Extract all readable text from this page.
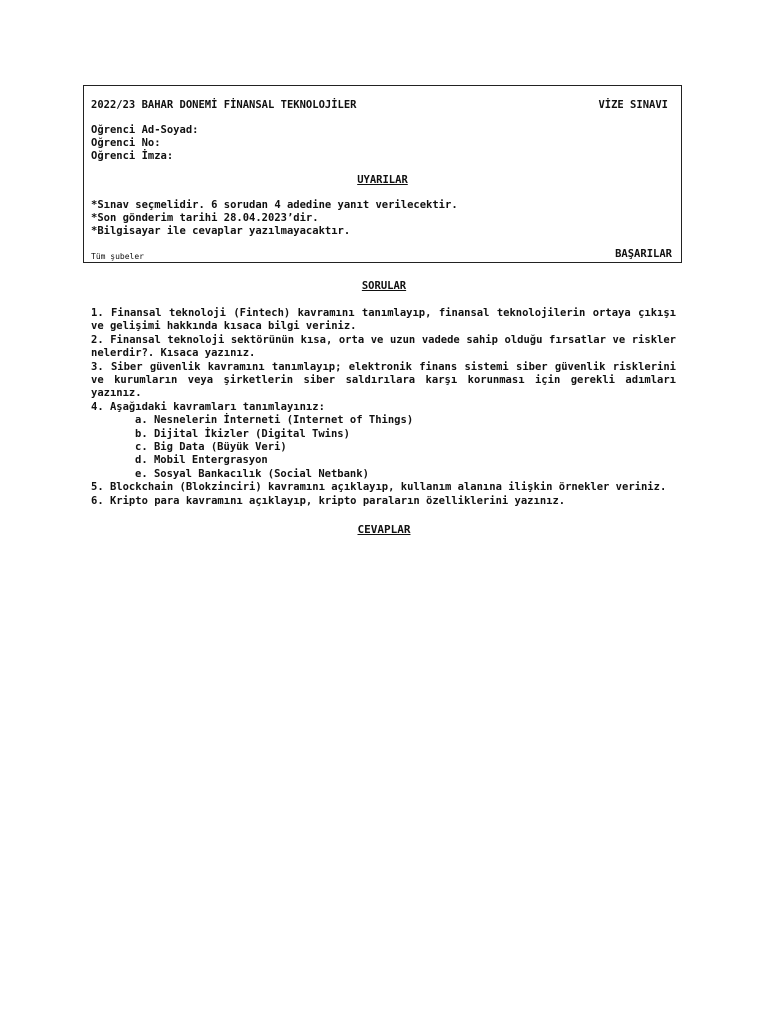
2022/23 BAHAR DONEMİ FİNANSAL TEKNOLOJİLER	VİZE SINAVI
Oğrenci Ad-Soyad:
Oğrenci No:
Oğrenci İmza:
UYARILAR
*Sınav seçmelidir. 6 sorudan 4 adedine yanıt verilecektir.
*Son gönderim tarihi 28.04.2023’dir.
*Bilgisayar ile cevaplar yazılmayacaktır.
Tüm şubeler	BAŞARILAR
SORULAR

1. Finansal teknoloji (Fintech) kavramını tanımlayıp, finansal teknolojilerin ortaya çıkışı ve gelişimi hakkında kısaca bilgi veriniz.

2. Finansal teknoloji sektörünün kısa, orta ve uzun vadede sahip olduğu fırsatlar ve riskler nelerdir?. Kısaca yazınız.

3. Siber güvenlik kavramını tanımlayıp; elektronik finans sistemi siber güvenlik risklerini ve kurumların veya şirketlerin siber saldırılara karşı korunması için gerekli adımları yazınız.

4. Aşağıdaki kavramları tanımlayınız:

a. Nesnelerin İnterneti (Internet of Things)

b. Dijital İkizler (Digital Twins)

c. Big Data (Büyük Veri)

d. Mobil Entergrasyon

e. Sosyal Bankacılık (Social Netbank)

5. Blockchain (Blokzinciri) kavramını açıklayıp, kullanım alanına ilişkin örnekler veriniz.

6. Kripto para kavramını açıklayıp, kripto paraların özelliklerini yazınız.

CEVAPLAR
